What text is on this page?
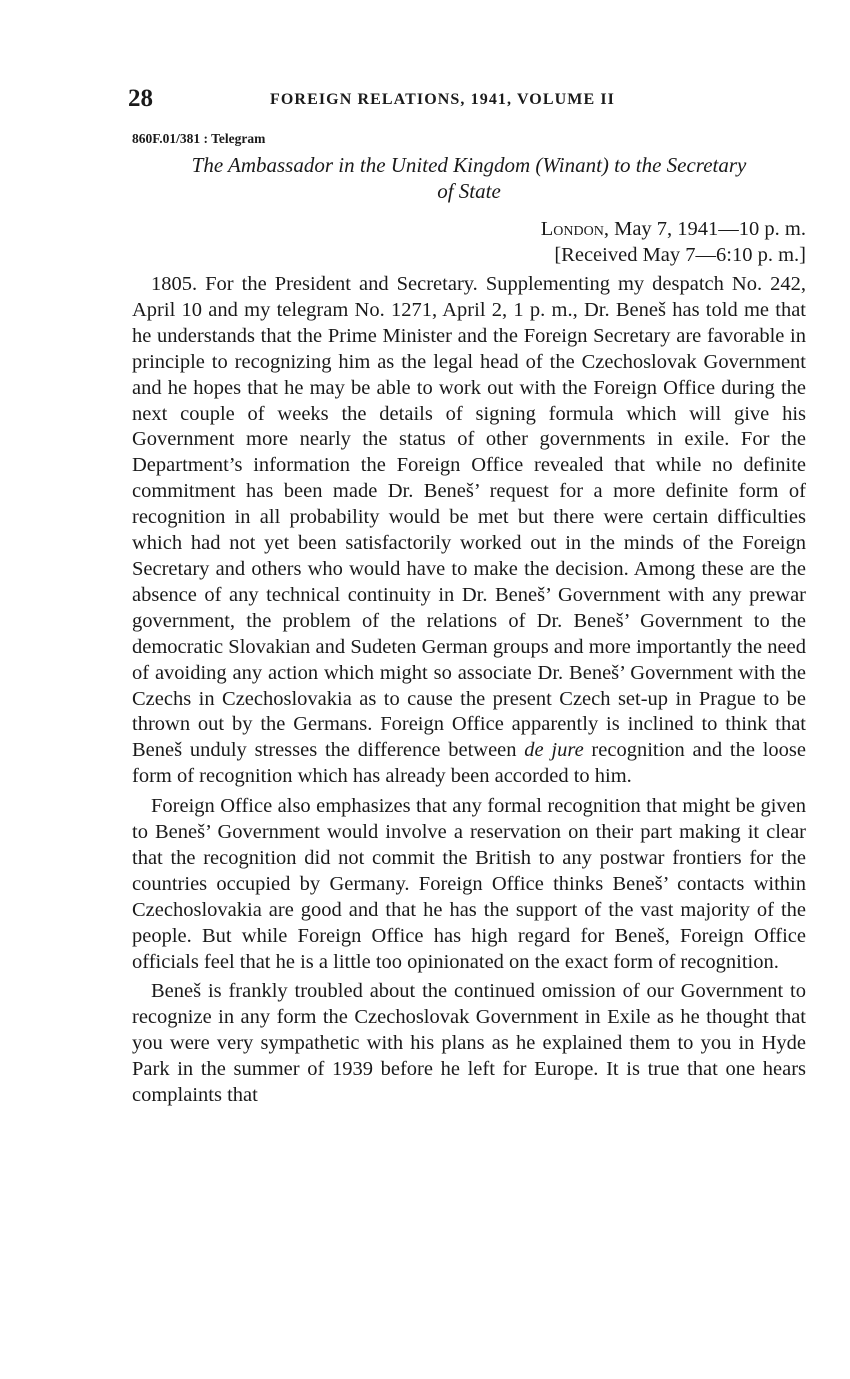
28	FOREIGN RELATIONS, 1941, VOLUME II
860F.01/381 : Telegram
The Ambassador in the United Kingdom (Winant) to the Secretary
of State
London, May 7, 1941—10 p. m.
[Received May 7—6:10 p. m.]

1805. For the President and Secretary. Supplementing my despatch No. 242, April 10 and my telegram No. 1271, April 2, 1 p. m., Dr. Beneš has told me that he understands that the Prime Minister and the Foreign Secretary are favorable in principle to recognizing him as the legal head of the Czechoslovak Government and he hopes that he may be able to work out with the Foreign Office during the next couple of weeks the details of signing formula which will give his Government more nearly the status of other governments in exile. For the Department’s information the Foreign Office revealed that while no definite commitment has been made Dr. Beneš’ request for a more definite form of recognition in all probability would be met but there were certain difficulties which had not yet been satisfactorily worked out in the minds of the Foreign Secretary and others who would have to make the decision. Among these are the absence of any technical continuity in Dr. Beneš’ Government with any prewar government, the problem of the relations of Dr. Beneš’ Government to the democratic Slovakian and Sudeten German groups and more importantly the need of avoiding any action which might so associate Dr. Beneš’ Government with the Czechs in Czechoslovakia as to cause the present Czech set-up in Prague to be thrown out by the Germans. Foreign Office apparently is inclined to think that Beneš unduly stresses the difference between de jure recognition and the loose form of recognition which has already been accorded to him.

Foreign Office also emphasizes that any formal recognition that might be given to Beneš’ Government would involve a reservation on their part making it clear that the recognition did not commit the British to any postwar frontiers for the countries occupied by Germany. Foreign Office thinks Beneš’ contacts within Czechoslovakia are good and that he has the support of the vast majority of the people. But while Foreign Office has high regard for Beneš, Foreign Office officials feel that he is a little too opinionated on the exact form of recognition.

Beneš is frankly troubled about the continued omission of our Government to recognize in any form the Czechoslovak Government in Exile as he thought that you were very sympathetic with his plans as he explained them to you in Hyde Park in the summer of 1939 before he left for Europe. It is true that one hears complaints that
